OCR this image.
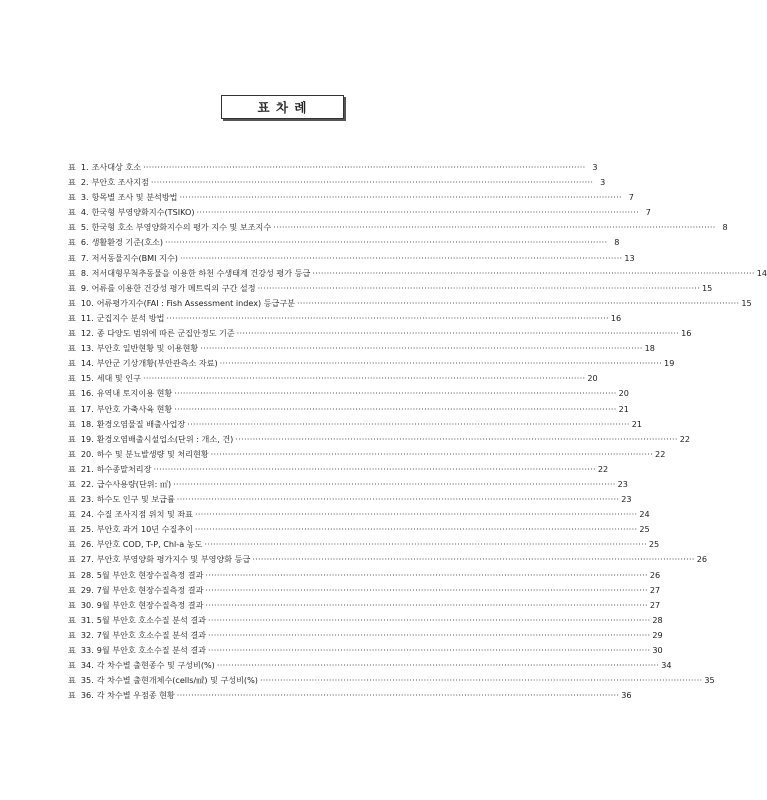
표 차 례
표 1. 조사대상 호소 ·····	3
표 2. 부안호 조사지점 ·····	3
표 3. 항목별 조사 및 분석방법 ·····	7
표 4. 한국형 부영양화지수(TSIKO) ·····	7
표 5. 한국형 호소 부영양화지수의 평가 지수 및 보조지수 ·····	8
표 6. 생활환경 기준(호소) ·····	8
표 7. 저서동물지수(BMI 지수) ·····	13
표 8. 저서대형무척추동물을 이용한 하천 수생태계 건강성 평가 등급 ·····	14
표 9. 어류를 이용한 건강성 평가 메트릭의 구간 설정 ·····	15
표 10. 어류평가지수(FAI : Fish Assessment index) 등급구분 ·····	15
표 11. 군집지수 분석 방법 ·····	16
표 12. 종 다양도 범위에 따른 군집안정도 기준 ·····	16
표 13. 부안호 일반현황 및 이용현황 ·····	18
표 14. 부안군 기상개황(부안관측소 자료) ·····	19
표 15. 세대 및 인구 ·····	20
표 16. 유역내 토지이용 현황 ·····	20
표 17. 부안호 가축사육 현황 ·····	21
표 18. 환경오염물질 배출사업장 ·····	21
표 19. 환경오염배출시설업소(단위 : 개소, 건) ·····	22
표 20. 하수 및 분뇨발생량 및 처리현황 ·····	22
표 21. 하수종말처리장 ·····	22
표 22. 급수사용량(단위: ㎥) ·····	23
표 23. 하수도 인구 및 보급률 ·····	23
표 24. 수질 조사지점 위치 및 좌표 ·····	24
표 25. 부안호 과거 10년 수질추이 ·····	25
표 26. 부안호 COD, T-P, Chl-a 농도 ·····	25
표 27. 부안호 부영양화 평가지수 및 부영양화 등급 ·····	26
표 28. 5월 부안호 현장수질측정 결과 ·····	26
표 29. 7월 부안호 현장수질측정 결과 ·····	27
표 30. 9월 부안호 현장수질측정 결과 ·····	27
표 31. 5월 부안호 호소수질 분석 결과 ·····	28
표 32. 7월 부안호 호소수질 분석 결과 ·····	29
표 33. 9월 부안호 호소수질 분석 결과 ·····	30
표 34. 각 차수별 출현종수 및 구성비(%) ·····	34
표 35. 각 차수별 출현개체수(cells/㎖) 및 구성비(%) ·····	35
표 36. 각 차수별 우점종 현황 ·····	36
